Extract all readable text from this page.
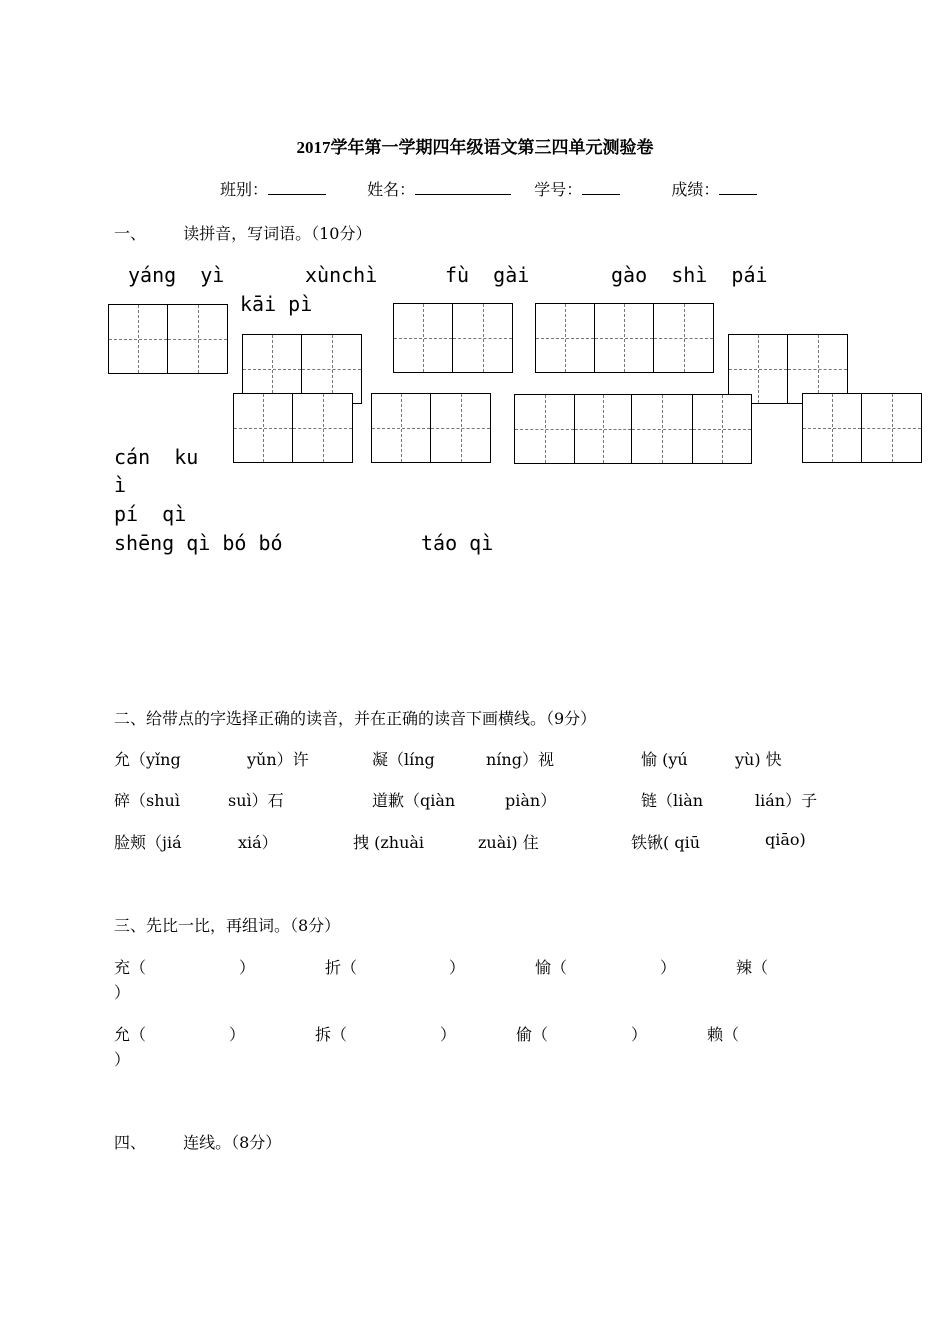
2017学年第一学期四年级语文第三四单元测验卷
班别：	姓名：	学号：	成绩：
一、 读拼音，写词语。（10分）
yáng  yì	xùnchì	fù  gài	gào  shì  pái
kāi pì
cán  ku
ì
pí  qì
shēng qì bó bó	táo qì
二、给带点的字选择正确的读音，并在正确的读音下画横线。（9分）
允（yǐng	yǔn）许	凝（líng	níng）视	愉 (yú	yù) 快
碎（shuì	suì）石	道歉（qiàn	piàn）	链（liàn	lián）子
脸颊（jiá	xiá）	拽 (zhuài	zuài) 住	铁锹( qiū	qiāo)
三、先比一比，再组词。（8分）
充（	）	折（	）	愉（	）	辣（
）
允（	）	拆（	）	偷（	）	赖（
）
四、 连线。（8分）
